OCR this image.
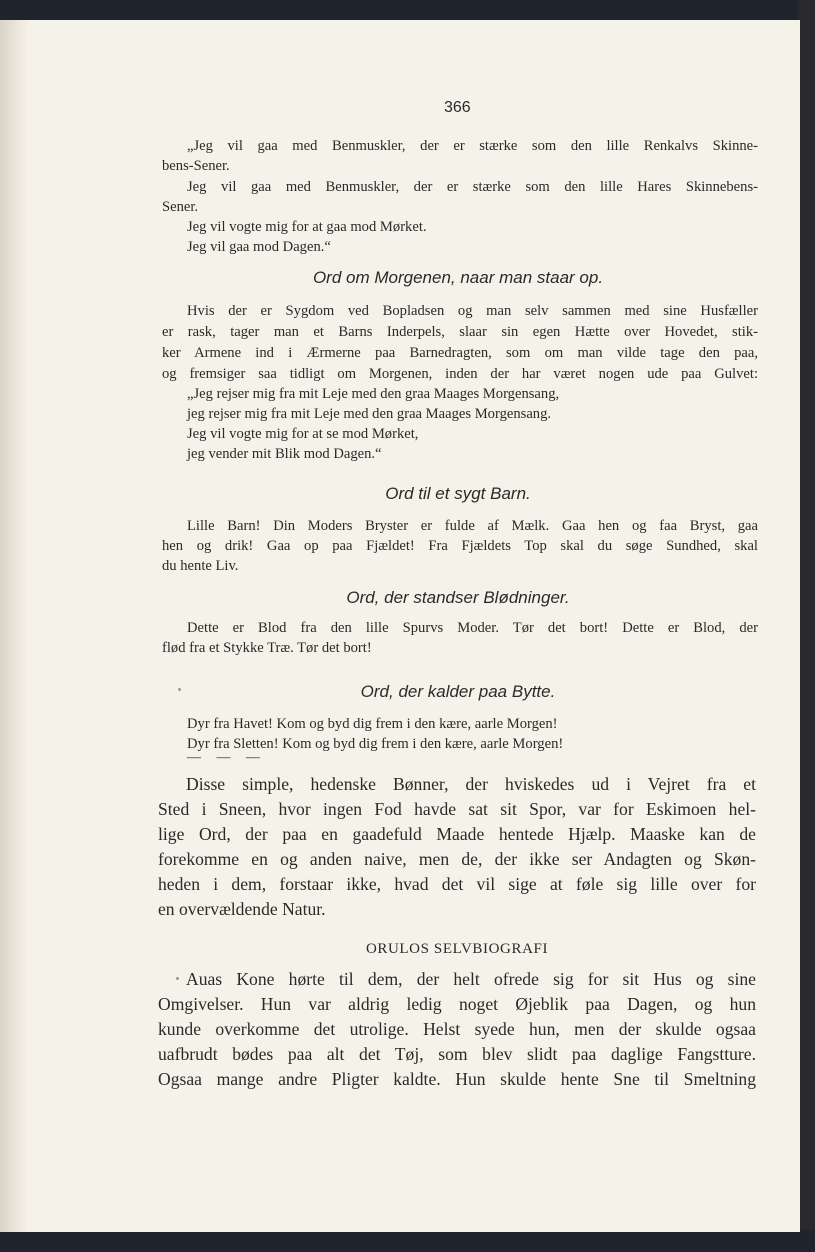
366
„Jeg vil gaa med Benmuskler, der er stærke som den lille Renkalvs Skinne-
bens-Sener.
Jeg vil gaa med Benmuskler, der er stærke som den lille Hares Skinnebens-
Sener.
Jeg vil vogte mig for at gaa mod Mørket.
Jeg vil gaa mod Dagen.“
Ord om Morgenen, naar man staar op.
Hvis der er Sygdom ved Bopladsen og man selv sammen med sine Husfæller
er rask, tager man et Barns Inderpels, slaar sin egen Hætte over Hovedet, stik-
ker Armene ind i Ærmerne paa Barnedragten, som om man vilde tage den paa,
og fremsiger saa tidligt om Morgenen, inden der har været nogen ude paa Gulvet:
„Jeg rejser mig fra mit Leje med den graa Maages Morgensang,
jeg rejser mig fra mit Leje med den graa Maages Morgensang.
Jeg vil vogte mig for at se mod Mørket,
jeg vender mit Blik mod Dagen.“
Ord til et sygt Barn.
Lille Barn! Din Moders Bryster er fulde af Mælk. Gaa hen og faa Bryst, gaa
hen og drik! Gaa op paa Fjældet! Fra Fjældets Top skal du søge Sundhed, skal
du hente Liv.
Ord, der standser Blødninger.
Dette er Blod fra den lille Spurvs Moder. Tør det bort! Dette er Blod, der
flød fra et Stykke Træ. Tør det bort!
Ord, der kalder paa Bytte.
Dyr fra Havet! Kom og byd dig frem i den kære, aarle Morgen!
Dyr fra Sletten! Kom og byd dig frem i den kære, aarle Morgen!
— — —
Disse simple, hedenske Bønner, der hviskedes ud i Vejret fra et
Sted i Sneen, hvor ingen Fod havde sat sit Spor, var for Eskimoen hel-
lige Ord, der paa en gaadefuld Maade hentede Hjælp. Maaske kan de
forekomme en og anden naive, men de, der ikke ser Andagten og Skøn-
heden i dem, forstaar ikke, hvad det vil sige at føle sig lille over for
en overvældende Natur.
ORULOS SELVBIOGRAFI
Auas Kone hørte til dem, der helt ofrede sig for sit Hus og sine
Omgivelser. Hun var aldrig ledig noget Øjeblik paa Dagen, og hun
kunde overkomme det utrolige. Helst syede hun, men der skulde ogsaa
uafbrudt bødes paa alt det Tøj, som blev slidt paa daglige Fangstture.
Ogsaa mange andre Pligter kaldte. Hun skulde hente Sne til Smeltning
